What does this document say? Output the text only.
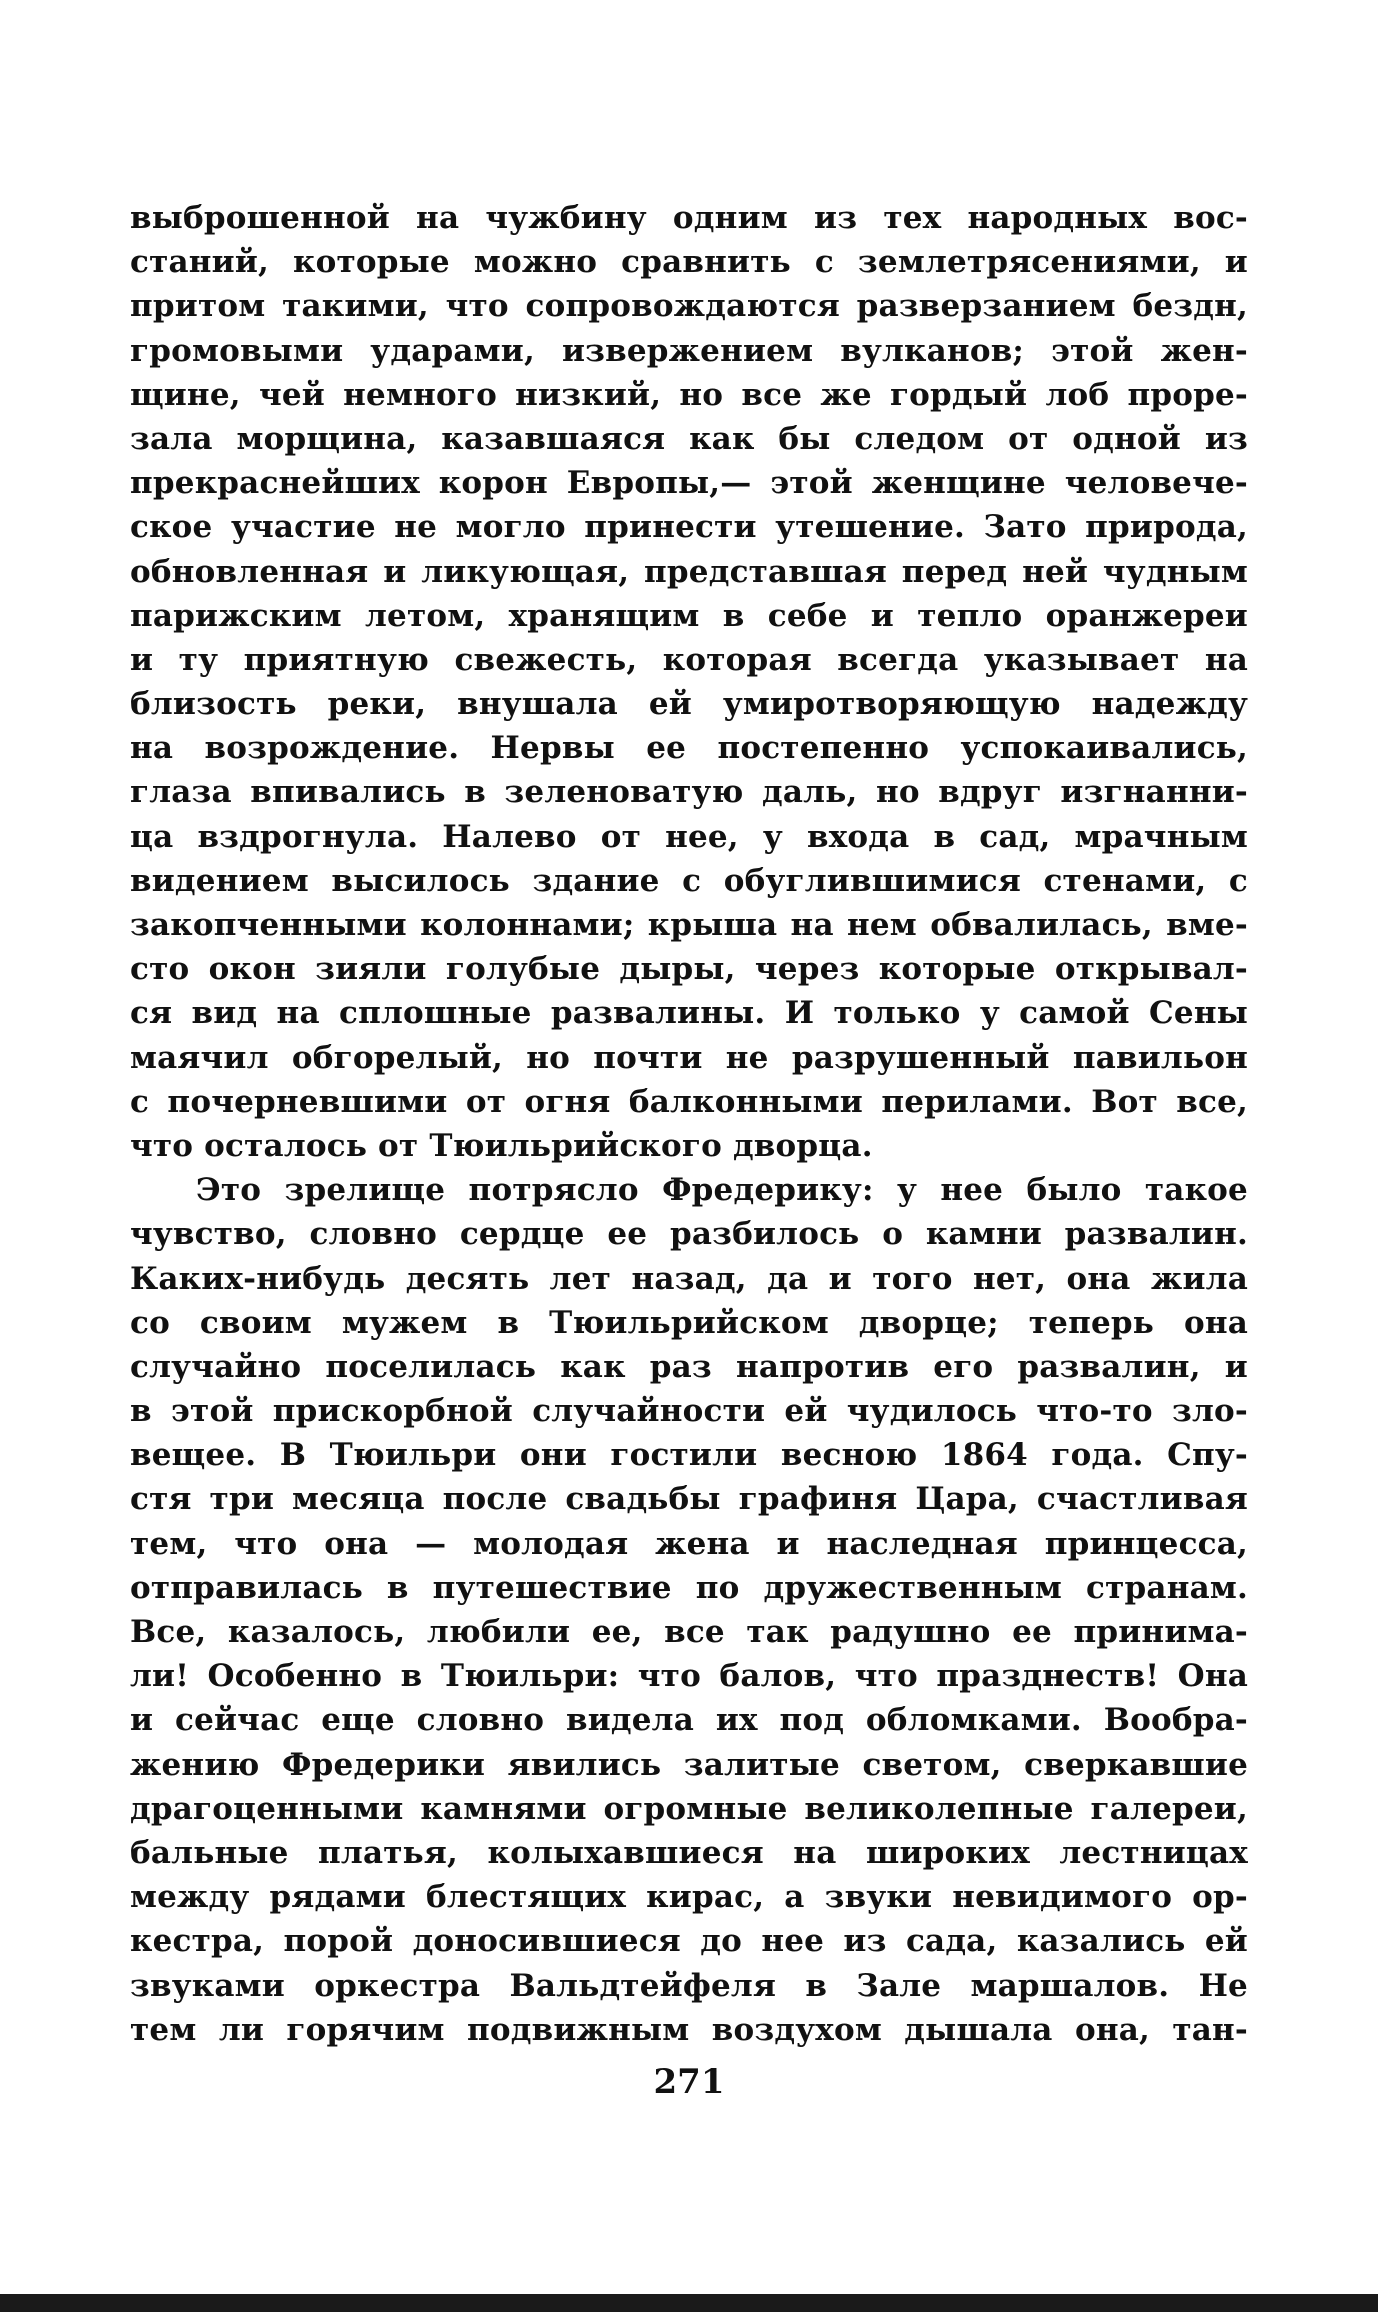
выброшенной на чужбину одним из тех народных вос-
станий, которые можно сравнить с землетрясениями, и
притом такими, что сопровождаются разверзанием бездн,
громовыми ударами, извержением вулканов; этой жен-
щине, чей немного низкий, но все же гордый лоб проре-
зала морщина, казавшаяся как бы следом от одной из
прекраснейших корон Европы,— этой женщине человече-
ское участие не могло принести утешение. Зато природа,
обновленная и ликующая, представшая перед ней чудным
парижским летом, хранящим в себе и тепло оранжереи
и ту приятную свежесть, которая всегда указывает на
близость реки, внушала ей умиротворяющую надежду
на возрождение. Нервы ее постепенно успокаивались,
глаза впивались в зеленоватую даль, но вдруг изгнанни-
ца вздрогнула. Налево от нее, у входа в сад, мрачным
видением высилось здание с обуглившимися стенами, с
закопченными колоннами; крыша на нем обвалилась, вме-
сто окон зияли голубые дыры, через которые открывал-
ся вид на сплошные развалины. И только у самой Сены
маячил обгорелый, но почти не разрушенный павильон
с почерневшими от огня балконными перилами. Вот все,
что осталось от Тюильрийского дворца.
Это зрелище потрясло Фредерику: у нее было такое
чувство, словно сердце ее разбилось о камни развалин.
Каких-нибудь десять лет назад, да и того нет, она жила
со своим мужем в Тюильрийском дворце; теперь она
случайно поселилась как раз напротив его развалин, и
в этой прискорбной случайности ей чудилось что-то зло-
вещее. В Тюильри они гостили весною 1864 года. Спу-
стя три месяца после свадьбы графиня Цара, счастливая
тем, что она — молодая жена и наследная принцесса,
отправилась в путешествие по дружественным странам.
Все, казалось, любили ее, все так радушно ее принима-
ли! Особенно в Тюильри: что балов, что празднеств! Она
и сейчас еще словно видела их под обломками. Вообра-
жению Фредерики явились залитые светом, сверкавшие
драгоценными камнями огромные великолепные галереи,
бальные платья, колыхавшиеся на широких лестницах
между рядами блестящих кирас, а звуки невидимого ор-
кестра, порой доносившиеся до нее из сада, казались ей
звуками оркестра Вальдтейфеля в Зале маршалов. Не
тем ли горячим подвижным воздухом дышала она, тан-
271
